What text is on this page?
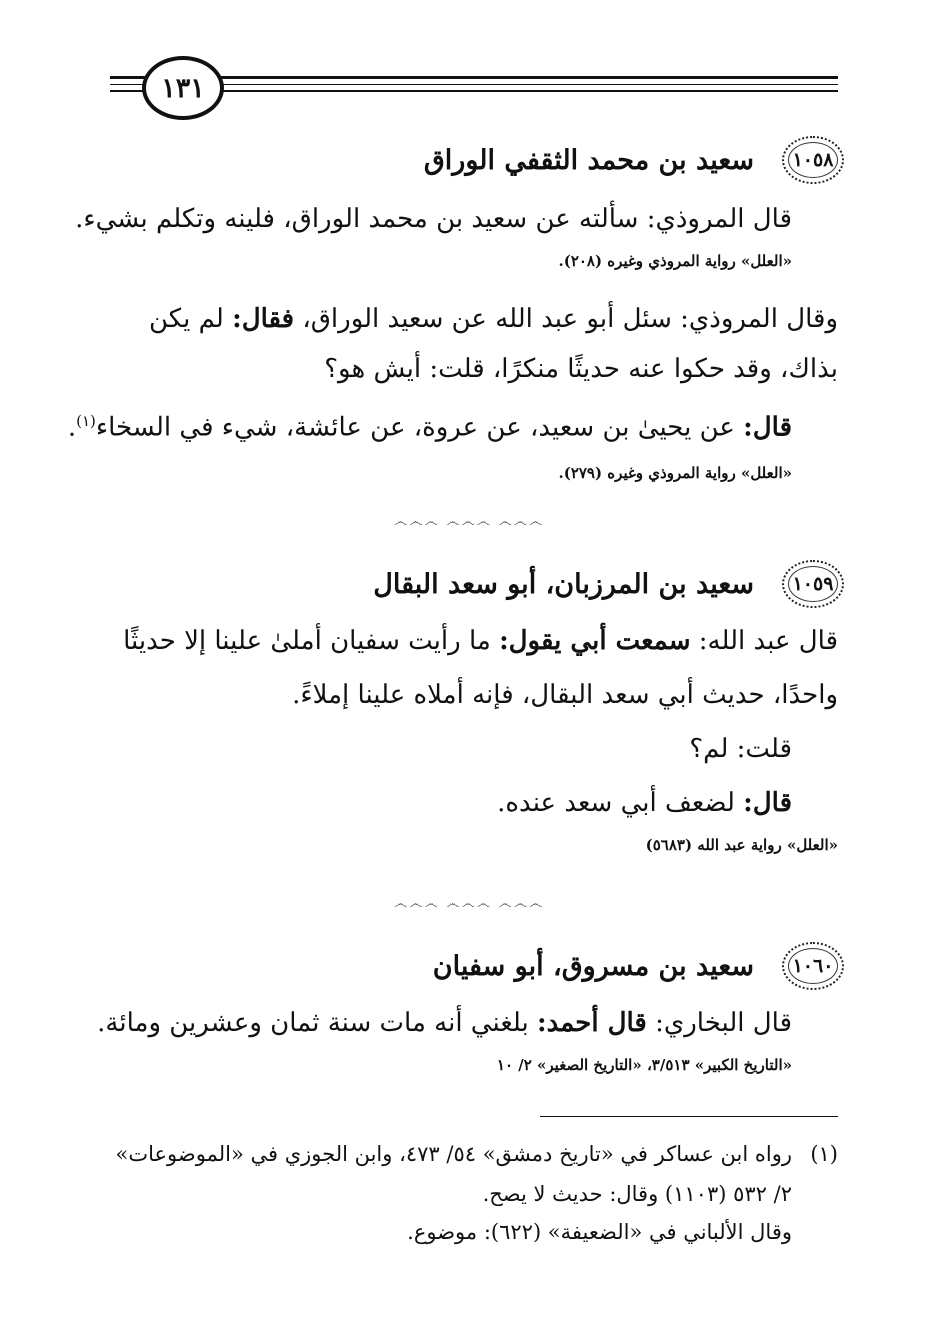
١٣١
١٠٥٨
سعيد بن محمد الثقفي الوراق
قال المروذي: سألته عن سعيد بن محمد الوراق، فلينه وتكلم بشيء.
«العلل» رواية المروذي وغيره (٢٠٨).
وقال المروذي: سئل أبو عبد الله عن سعيد الوراق، فقال: لم يكن
بذاك، وقد حكوا عنه حديثًا منكرًا، قلت: أيش هو؟
قال: عن يحيىٰ بن سعيد، عن عروة، عن عائشة، شيء في السخاء$^{(١)}$.
«العلل» رواية المروذي وغيره (٢٧٩).
෴෴෴ ෴෴෴ ෴෴෴
١٠٥٩
سعيد بن المرزبان، أبو سعد البقال
قال عبد الله: سمعت أبي يقول: ما رأيت سفيان أملىٰ علينا إلا حديثًا
واحدًا، حديث أبي سعد البقال، فإنه أملاه علينا إملاءً.
قلت: لم؟
قال: لضعف أبي سعد عنده.
«العلل» رواية عبد الله (٥٦٨٣)
෴෴෴ ෴෴෴ ෴෴෴
١٠٦٠
سعيد بن مسروق، أبو سفيان
قال البخاري: قال أحمد: بلغني أنه مات سنة ثمان وعشرين ومائة.
«التاريخ الكبير» ٣/٥١٣، «التاريخ الصغير» ٢/ ١٠
(١)رواه ابن عساكر في «تاريخ دمشق» ٥٤/ ٤٧٣، وابن الجوزي في «الموضوعات»
٢/ ٥٣٢ (١١٠٣) وقال: حديث لا يصح.
وقال الألباني في «الضعيفة» (٦٢٢): موضوع.
